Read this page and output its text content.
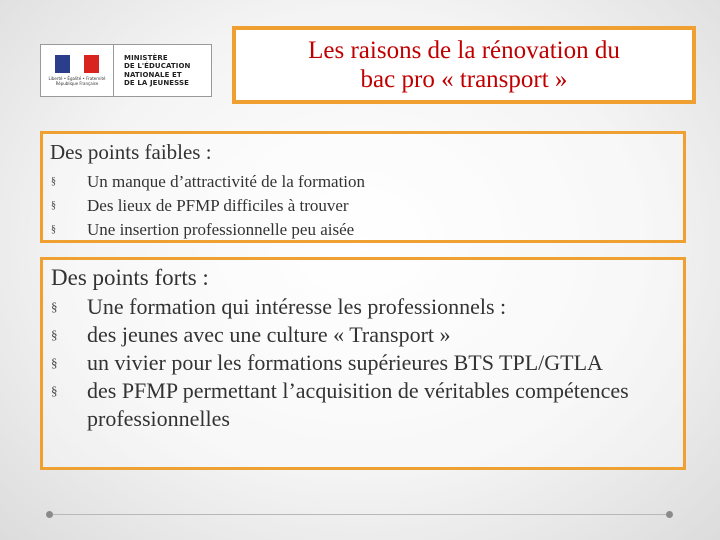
Liberté • Égalité • Fraternité
République Française
MINISTÈRE
DE L'ÉDUCATION
NATIONALE ET
DE LA JEUNESSE
Les raisons de la rénovation du
bac pro « transport »
Des points faibles :
§	Un manque d’attractivité de la formation
§	Des lieux de PFMP difficiles à trouver
§	Une insertion professionnelle peu aisée
Des points forts :
§	Une formation qui intéresse les professionnels :
§	des jeunes avec une culture « Transport »
§	un vivier pour les formations supérieures BTS TPL/GTLA
§	des PFMP permettant l’acquisition de véritables compétences professionnelles
